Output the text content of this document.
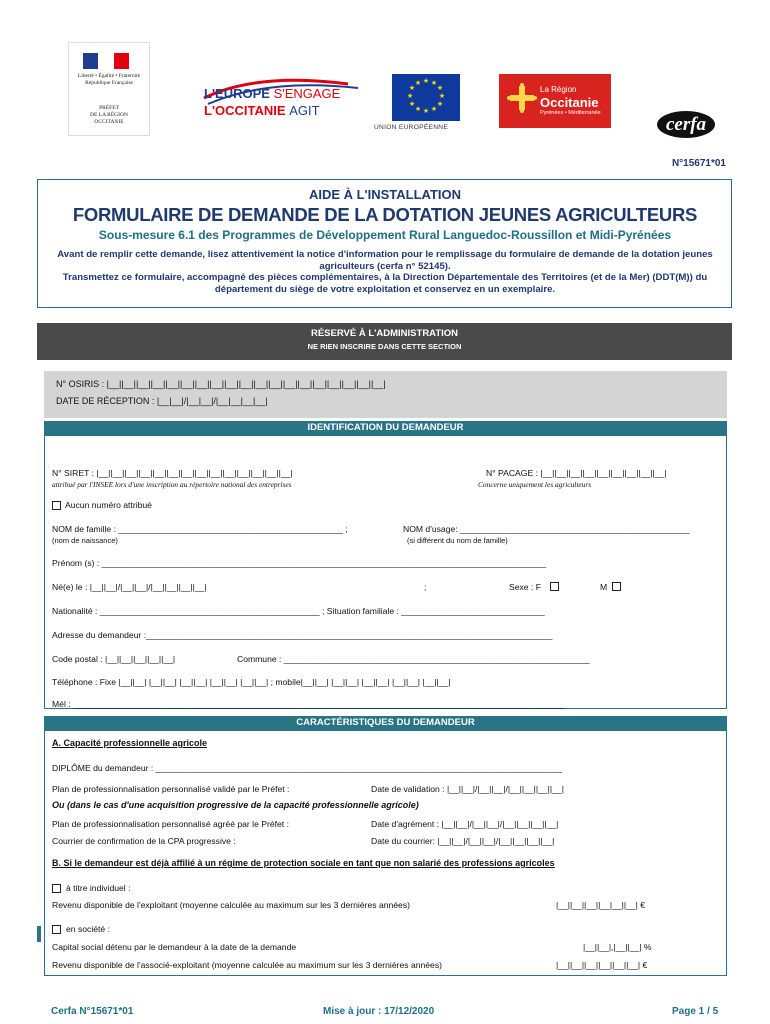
Liberté • Égalité • Fraternité
République Française
PRÉFET
DE LA RÉGION
OCCITANIE
L'EUROPE S'ENGAGE
L'OCCITANIE AGIT
★ ★
★
★
★
★
★
★
★
★
★
★
UNION EUROPÉENNE
La Région
Occitanie
Pyrénées • Méditerranée
cerfa
N°15671*01
AIDE À L'INSTALLATION
FORMULAIRE DE DEMANDE DE LA DOTATION JEUNES AGRICULTEURS
Sous-mesure 6.1 des Programmes de Développement Rural Languedoc-Roussillon et Midi-Pyrénées
Avant de remplir cette demande, lisez attentivement la notice d'information pour le remplissage du formulaire de demande de la dotation jeunes agriculteurs (cerfa n° 52145).
Transmettez ce formulaire, accompagné des pièces complémentaires, à la Direction Départementale des Territoires (et de la Mer) (DDT(M)) du département du siège de votre exploitation et conservez en un exemplaire.
RÉSERVÉ À L'ADMINISTRATION
NE RIEN INSCRIRE DANS CETTE SECTION
N° OSIRIS : |__||__||__||__||__||__||__||__||__||__||__||__||__||__||__||__||__||__||__|
DATE DE RÉCEPTION : |__|__|/|__|__|/|__|__|__|__|
IDENTIFICATION DU DEMANDEUR
N° SIRET : |__||__||__||__||__||__||__||__||__||__||__||__||__||__|
attribué par l'INSEE lors d'une inscription au répertoire national des entreprises
N° PACAGE : |__||__||__||__||__||__||__||__||__|
Concerne uniquement les agriculteurs
Aucun numéro attribué
NOM de famille : _______________________________________________ ;
(nom de naissance)
NOM d'usage: ________________________________________________
(si différent du nom de famille)
Prénom (s) : _____________________________________________________________________________________________
Né(e) le : |__||__|/|__||__|/|__||__||__||__|	;	Sexe : F	M
Nationalité : ______________________________________________ ; Situation familiale : ______________________________
Adresse du demandeur :_____________________________________________________________________________________
Code postal : |__||__||__||__||__|	Commune : ________________________________________________________________
Téléphone : Fixe |__||__| |__||__| |__||__| |__||__| |__||__| ; mobile|__||__| |__||__| |__||__| |__||__| |__||__|
Mél : _______________________________________________________________________________________________________
CARACTÉRISTIQUES DU DEMANDEUR
A. Capacité professionnelle agricole
DIPLÔME du demandeur : _____________________________________________________________________________________
Plan de professionnalisation personnalisé validé par le Préfet :	Date de validation : |__||__|/|__||__|/|__||__||__||__|
Ou (dans le cas d'une acquisition progressive de la capacité professionnelle agricole)
Plan de professionnalisation personnalisé agréé par le Préfet :	Date d'agrément : |__||__|/|__||__|/|__||__||__||__|
Courrier de confirmation de la CPA progressive :	Date du courrier: |__||__|/|__||__|/|__||__||__||__|
B. Si le demandeur est déjà affilié à un régime de protection sociale en tant que non salarié des professions agricoles
à titre individuel :
Revenu disponible de l'exploitant (moyenne calculée au maximum sur les 3 dernières années)	|__||__||__||__|__||__| €
en société :
Capital social détenu par le demandeur à la date de la demande	|__||__|,|__||__| %
Revenu disponible de l'associé-exploitant (moyenne calculée au maximum sur les 3 dernières années)	|__||__||__||__||__||__| €
Cerfa N°15671*01	Mise à jour : 17/12/2020	Page 1 / 5
